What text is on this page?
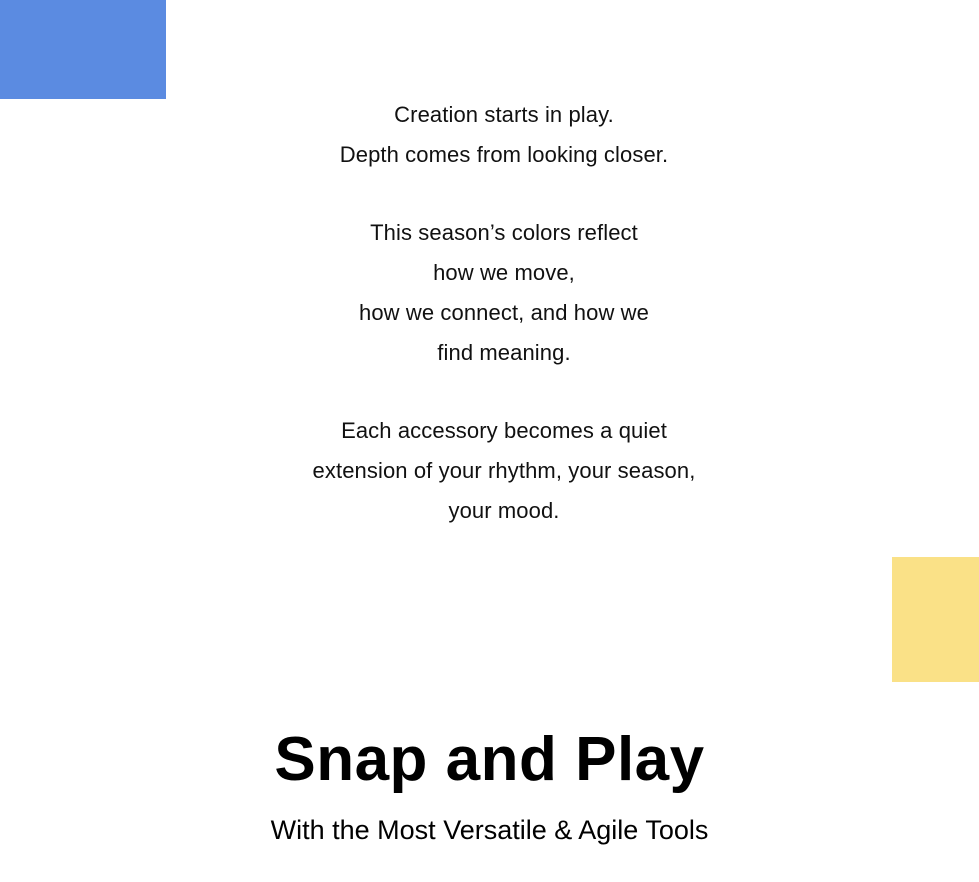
Creation starts in play.
Depth comes from looking closer.

This season’s colors reflect
how we move,
how we connect, and how we
find meaning.

Each accessory becomes a quiet
extension of your rhythm, your season,
your mood.

Snap and Play

With the Most Versatile & Agile Tools
